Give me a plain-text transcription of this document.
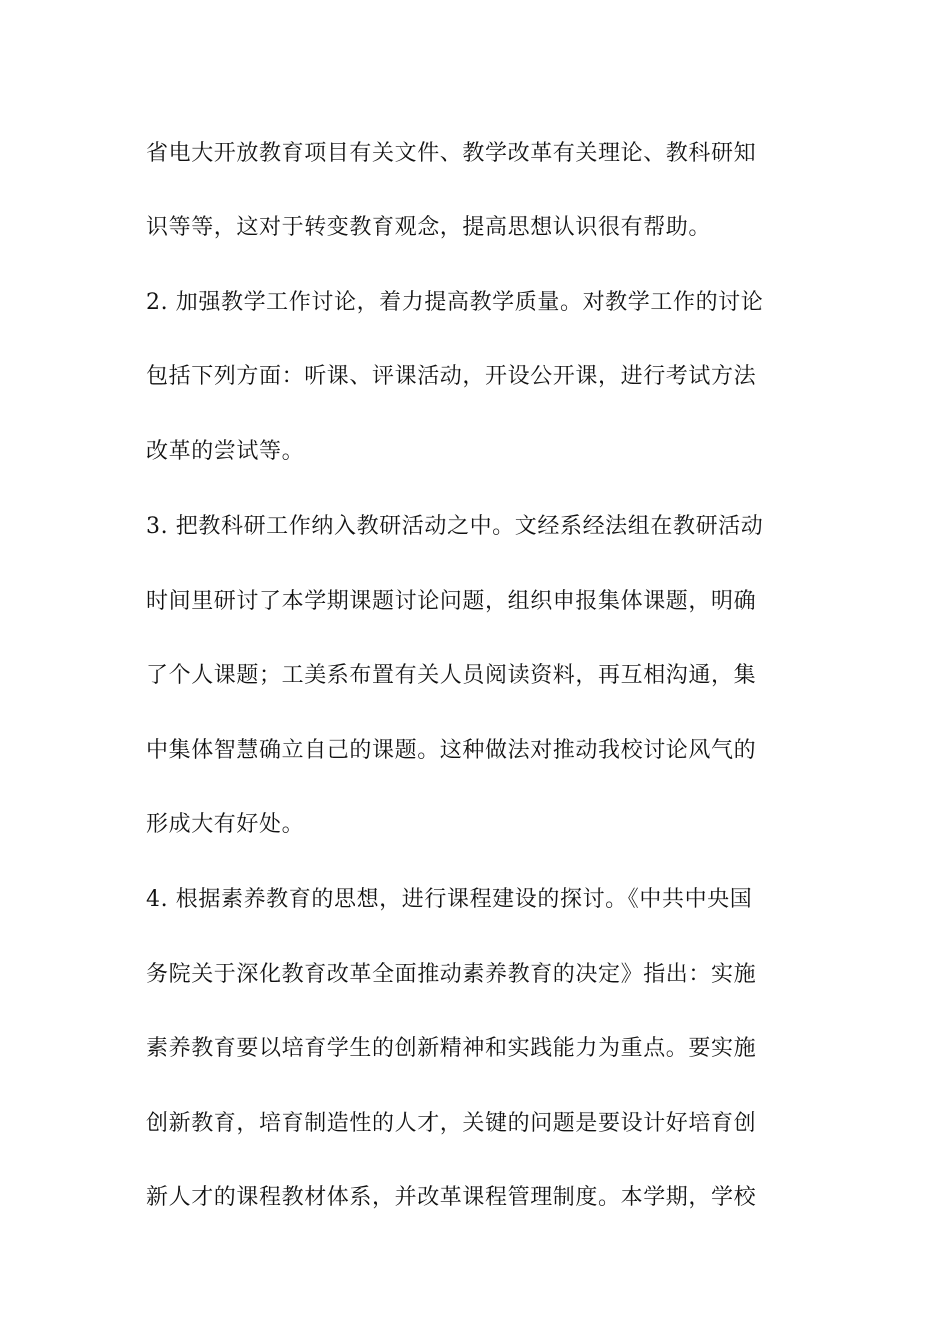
省电大开放教育项目有关文件、教学改革有关理论、教科研知
识等等，这对于转变教育观念，提高思想认识很有帮助。
2. 加强教学工作讨论，着力提高教学质量。对教学工作的讨论
包括下列方面：听课、评课活动，开设公开课，进行考试方法
改革的尝试等。
3. 把教科研工作纳入教研活动之中。文经系经法组在教研活动
时间里研讨了本学期课题讨论问题，组织申报集体课题，明确
了个人课题；工美系布置有关人员阅读资料，再互相沟通，集
中集体智慧确立自己的课题。这种做法对推动我校讨论风气的
形成大有好处。
4. 根据素养教育的思想，进行课程建设的探讨。《中共中央国
务院关于深化教育改革全面推动素养教育的决定》指出：实施
素养教育要以培育学生的创新精神和实践能力为重点。要实施
创新教育，培育制造性的人才，关键的问题是要设计好培育创
新人才的课程教材体系，并改革课程管理制度。本学期，学校
